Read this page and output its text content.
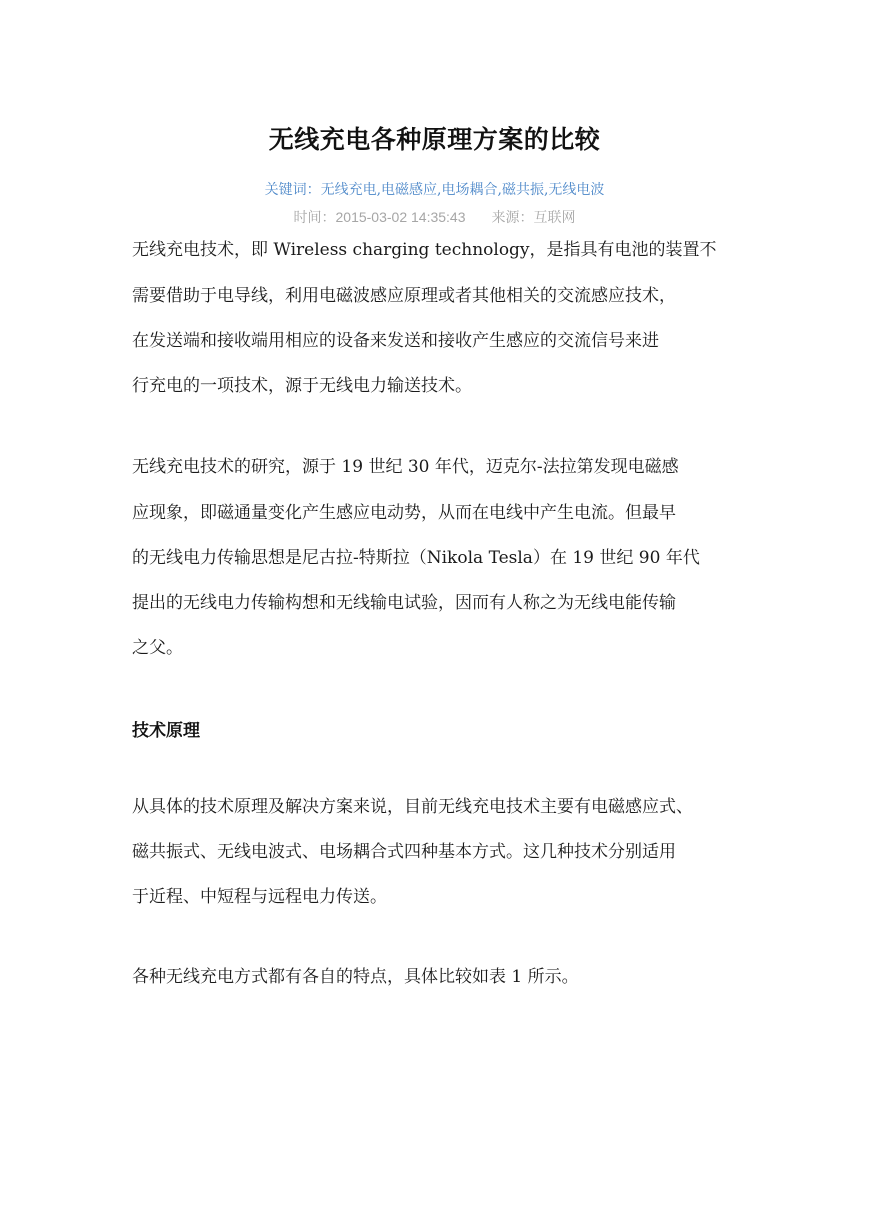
无线充电各种原理方案的比较
关键词：无线充电,电磁感应,电场耦合,磁共振,无线电波
时间：2015-03-02 14:35:43 来源：互联网
无线充电技术，即 Wireless charging technology，是指具有电池的装置不
需要借助于电导线，利用电磁波感应原理或者其他相关的交流感应技术，
在发送端和接收端用相应的设备来发送和接收产生感应的交流信号来进
行充电的一项技术，源于无线电力输送技术。
无线充电技术的研究，源于 19 世纪 30 年代，迈克尔-法拉第发现电磁感
应现象，即磁通量变化产生感应电动势，从而在电线中产生电流。但最早
的无线电力传输思想是尼古拉-特斯拉（Nikola Tesla）在 19 世纪 90 年代
提出的无线电力传输构想和无线输电试验，因而有人称之为无线电能传输
之父。
技术原理
从具体的技术原理及解决方案来说，目前无线充电技术主要有电磁感应式、
磁共振式、无线电波式、电场耦合式四种基本方式。这几种技术分别适用
于近程、中短程与远程电力传送。
各种无线充电方式都有各自的特点，具体比较如表 1 所示。
